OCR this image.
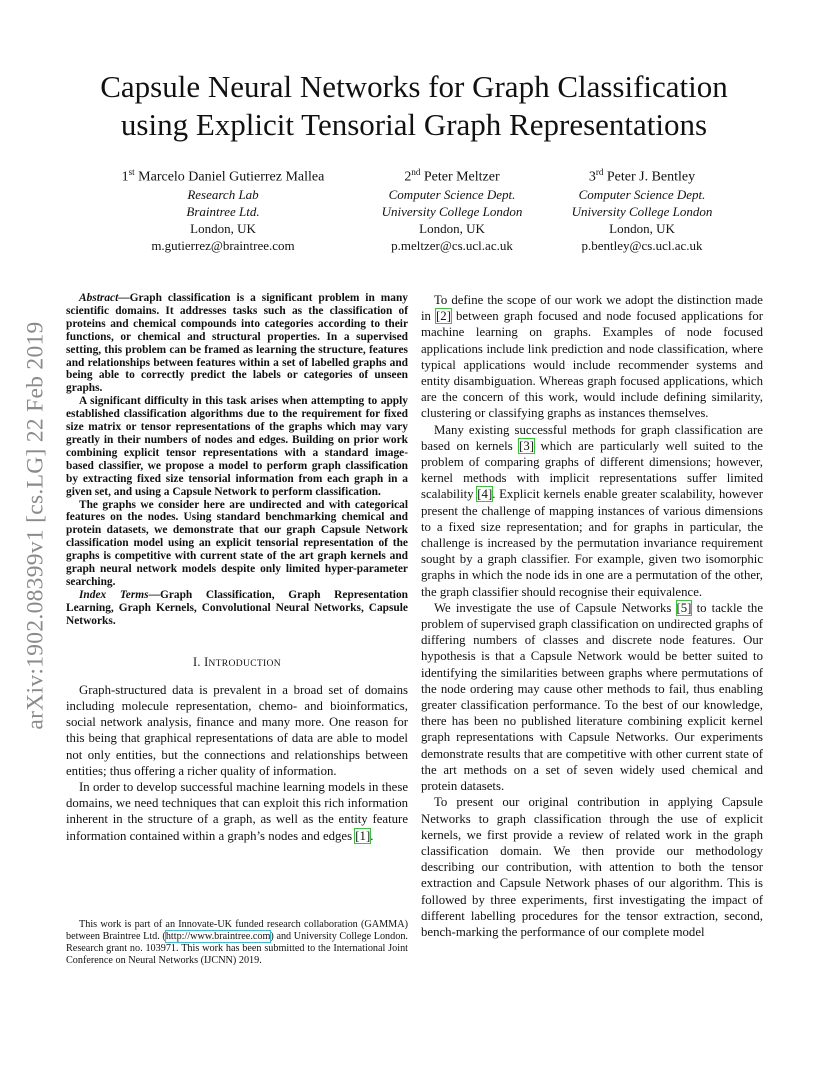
arXiv:1902.08399v1 [cs.LG] 22 Feb 2019
Capsule Neural Networks for Graph Classification
using Explicit Tensorial Graph Representations
1st Marcelo Daniel Gutierrez Mallea
Research Lab
Braintree Ltd.
London, UK
m.gutierrez@braintree.com
2nd Peter Meltzer
Computer Science Dept.
University College London
London, UK
p.meltzer@cs.ucl.ac.uk
3rd Peter J. Bentley
Computer Science Dept.
University College London
London, UK
p.bentley@cs.ucl.ac.uk

Abstract—Graph classification is a significant problem in many scientific domains. It addresses tasks such as the classification of proteins and chemical compounds into categories according to their functions, or chemical and structural properties. In a supervised setting, this problem can be framed as learning the structure, features and relationships between features within a set of labelled graphs and being able to correctly predict the labels or categories of unseen graphs.

A significant difficulty in this task arises when attempting to apply established classification algorithms due to the requirement for fixed size matrix or tensor representations of the graphs which may vary greatly in their numbers of nodes and edges. Building on prior work combining explicit tensor representations with a standard image-based classifier, we propose a model to perform graph classification by extracting fixed size tensorial information from each graph in a given set, and using a Capsule Network to perform classification.

The graphs we consider here are undirected and with categorical features on the nodes. Using standard benchmarking chemical and protein datasets, we demonstrate that our graph Capsule Network classification model using an explicit tensorial representation of the graphs is competitive with current state of the art graph kernels and graph neural network models despite only limited hyper-parameter searching.

Index Terms—Graph Classification, Graph Representation Learning, Graph Kernels, Convolutional Neural Networks, Capsule Networks.

I. INTRODUCTION

Graph-structured data is prevalent in a broad set of domains including molecule representation, chemo- and bioinformatics, social network analysis, finance and many more. One reason for this being that graphical representations of data are able to model not only entities, but the connections and relationships between entities; thus offering a richer quality of information.

In order to develop successful machine learning models in these domains, we need techniques that can exploit this rich information inherent in the structure of a graph, as well as the entity feature information contained within a graph’s nodes and edges [1].

This work is part of an Innovate-UK funded research collaboration (GAMMA) between Braintree Ltd. (http://www.braintree.com) and University College London. Research grant no. 103971. This work has been submitted to the International Joint Conference on Neural Networks (IJCNN) 2019.

To define the scope of our work we adopt the distinction made in [2] between graph focused and node focused applications for machine learning on graphs. Examples of node focused applications include link prediction and node classification, where typical applications would include recommender systems and entity disambiguation. Whereas graph focused applications, which are the concern of this work, would include defining similarity, clustering or classifying graphs as instances themselves.

Many existing successful methods for graph classification are based on kernels [3] which are particularly well suited to the problem of comparing graphs of different dimensions; however, kernel methods with implicit representations suffer limited scalability [4]. Explicit kernels enable greater scalability, however present the challenge of mapping instances of various dimensions to a fixed size representation; and for graphs in particular, the challenge is increased by the permutation invariance requirement sought by a graph classifier. For example, given two isomorphic graphs in which the node ids in one are a permutation of the other, the graph classifier should recognise their equivalence.

We investigate the use of Capsule Networks [5] to tackle the problem of supervised graph classification on undirected graphs of differing numbers of classes and discrete node features. Our hypothesis is that a Capsule Network would be better suited to identifying the similarities between graphs where permutations of the node ordering may cause other methods to fail, thus enabling greater classification performance. To the best of our knowledge, there has been no published literature combining explicit kernel graph representations with Capsule Networks. Our experiments demonstrate results that are competitive with other current state of the art methods on a set of seven widely used chemical and protein datasets.

To present our original contribution in applying Capsule Networks to graph classification through the use of explicit kernels, we first provide a review of related work in the graph classification domain. We then provide our methodology describing our contribution, with attention to both the tensor extraction and Capsule Network phases of our algorithm. This is followed by three experiments, first investigating the impact of different labelling procedures for the tensor extraction, second, bench-marking the performance of our complete model
